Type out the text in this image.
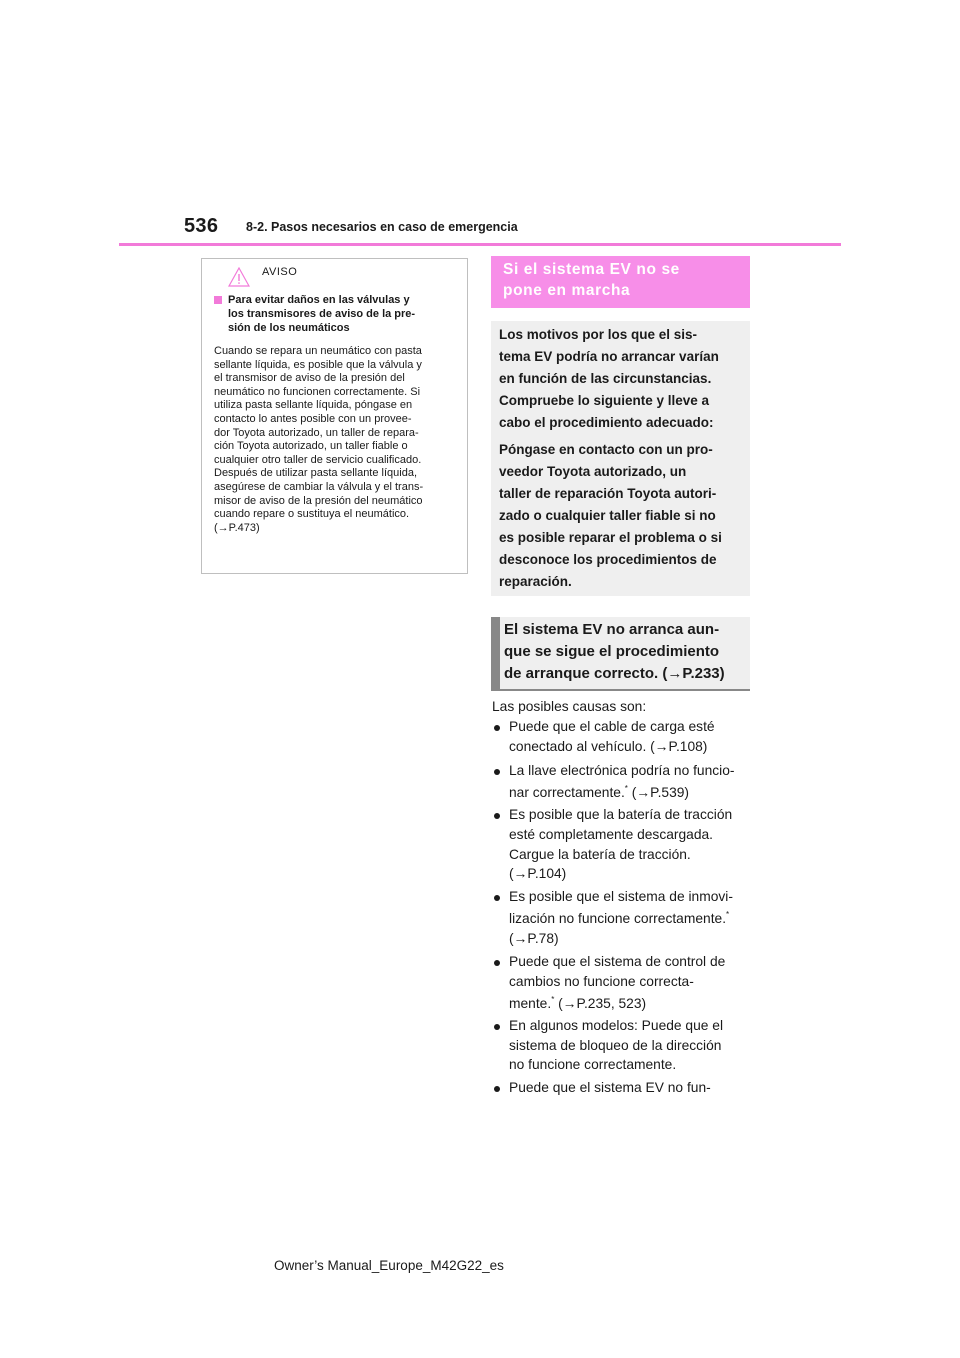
536 8-2. Pasos necesarios en caso de emergencia
AVISO
Para evitar daños en las válvulas y
los transmisores de aviso de la pre-
sión de los neumáticos
Cuando se repara un neumático con pasta
sellante líquida, es posible que la válvula y
el transmisor de aviso de la presión del
neumático no funcionen correctamente. Si
utiliza pasta sellante líquida, póngase en
contacto lo antes posible con un provee-
dor Toyota autorizado, un taller de repara-
ción Toyota autorizado, un taller fiable o
cualquier otro taller de servicio cualificado.
Después de utilizar pasta sellante líquida,
asegúrese de cambiar la válvula y el trans-
misor de aviso de la presión del neumático
cuando repare o sustituya el neumático.
(→P.473)
Si el sistema EV no se
pone en marcha
Los motivos por los que el sis-
tema EV podría no arrancar varían
en función de las circunstancias.
Compruebe lo siguiente y lleve a
cabo el procedimiento adecuado:
Póngase en contacto con un pro-
veedor Toyota autorizado, un
taller de reparación Toyota autori-
zado o cualquier taller fiable si no
es posible reparar el problema o si
desconoce los procedimientos de
reparación.
El sistema EV no arranca aun-
que se sigue el procedimiento
de arranque correcto. (→P.233)
Las posibles causas son:
Puede que el cable de carga esté
conectado al vehículo. (→P.108)
La llave electrónica podría no funcio-
nar correctamente.* (→P.539)
Es posible que la batería de tracción
esté completamente descargada.
Cargue la batería de tracción.
(→P.104)
Es posible que el sistema de inmovi-
lización no funcione correctamente.*
(→P.78)
Puede que el sistema de control de
cambios no funcione correcta-
mente.* (→P.235, 523)
En algunos modelos: Puede que el
sistema de bloqueo de la dirección
no funcione correctamente.
Puede que el sistema EV no fun-
Owner’s Manual_Europe_M42G22_es
